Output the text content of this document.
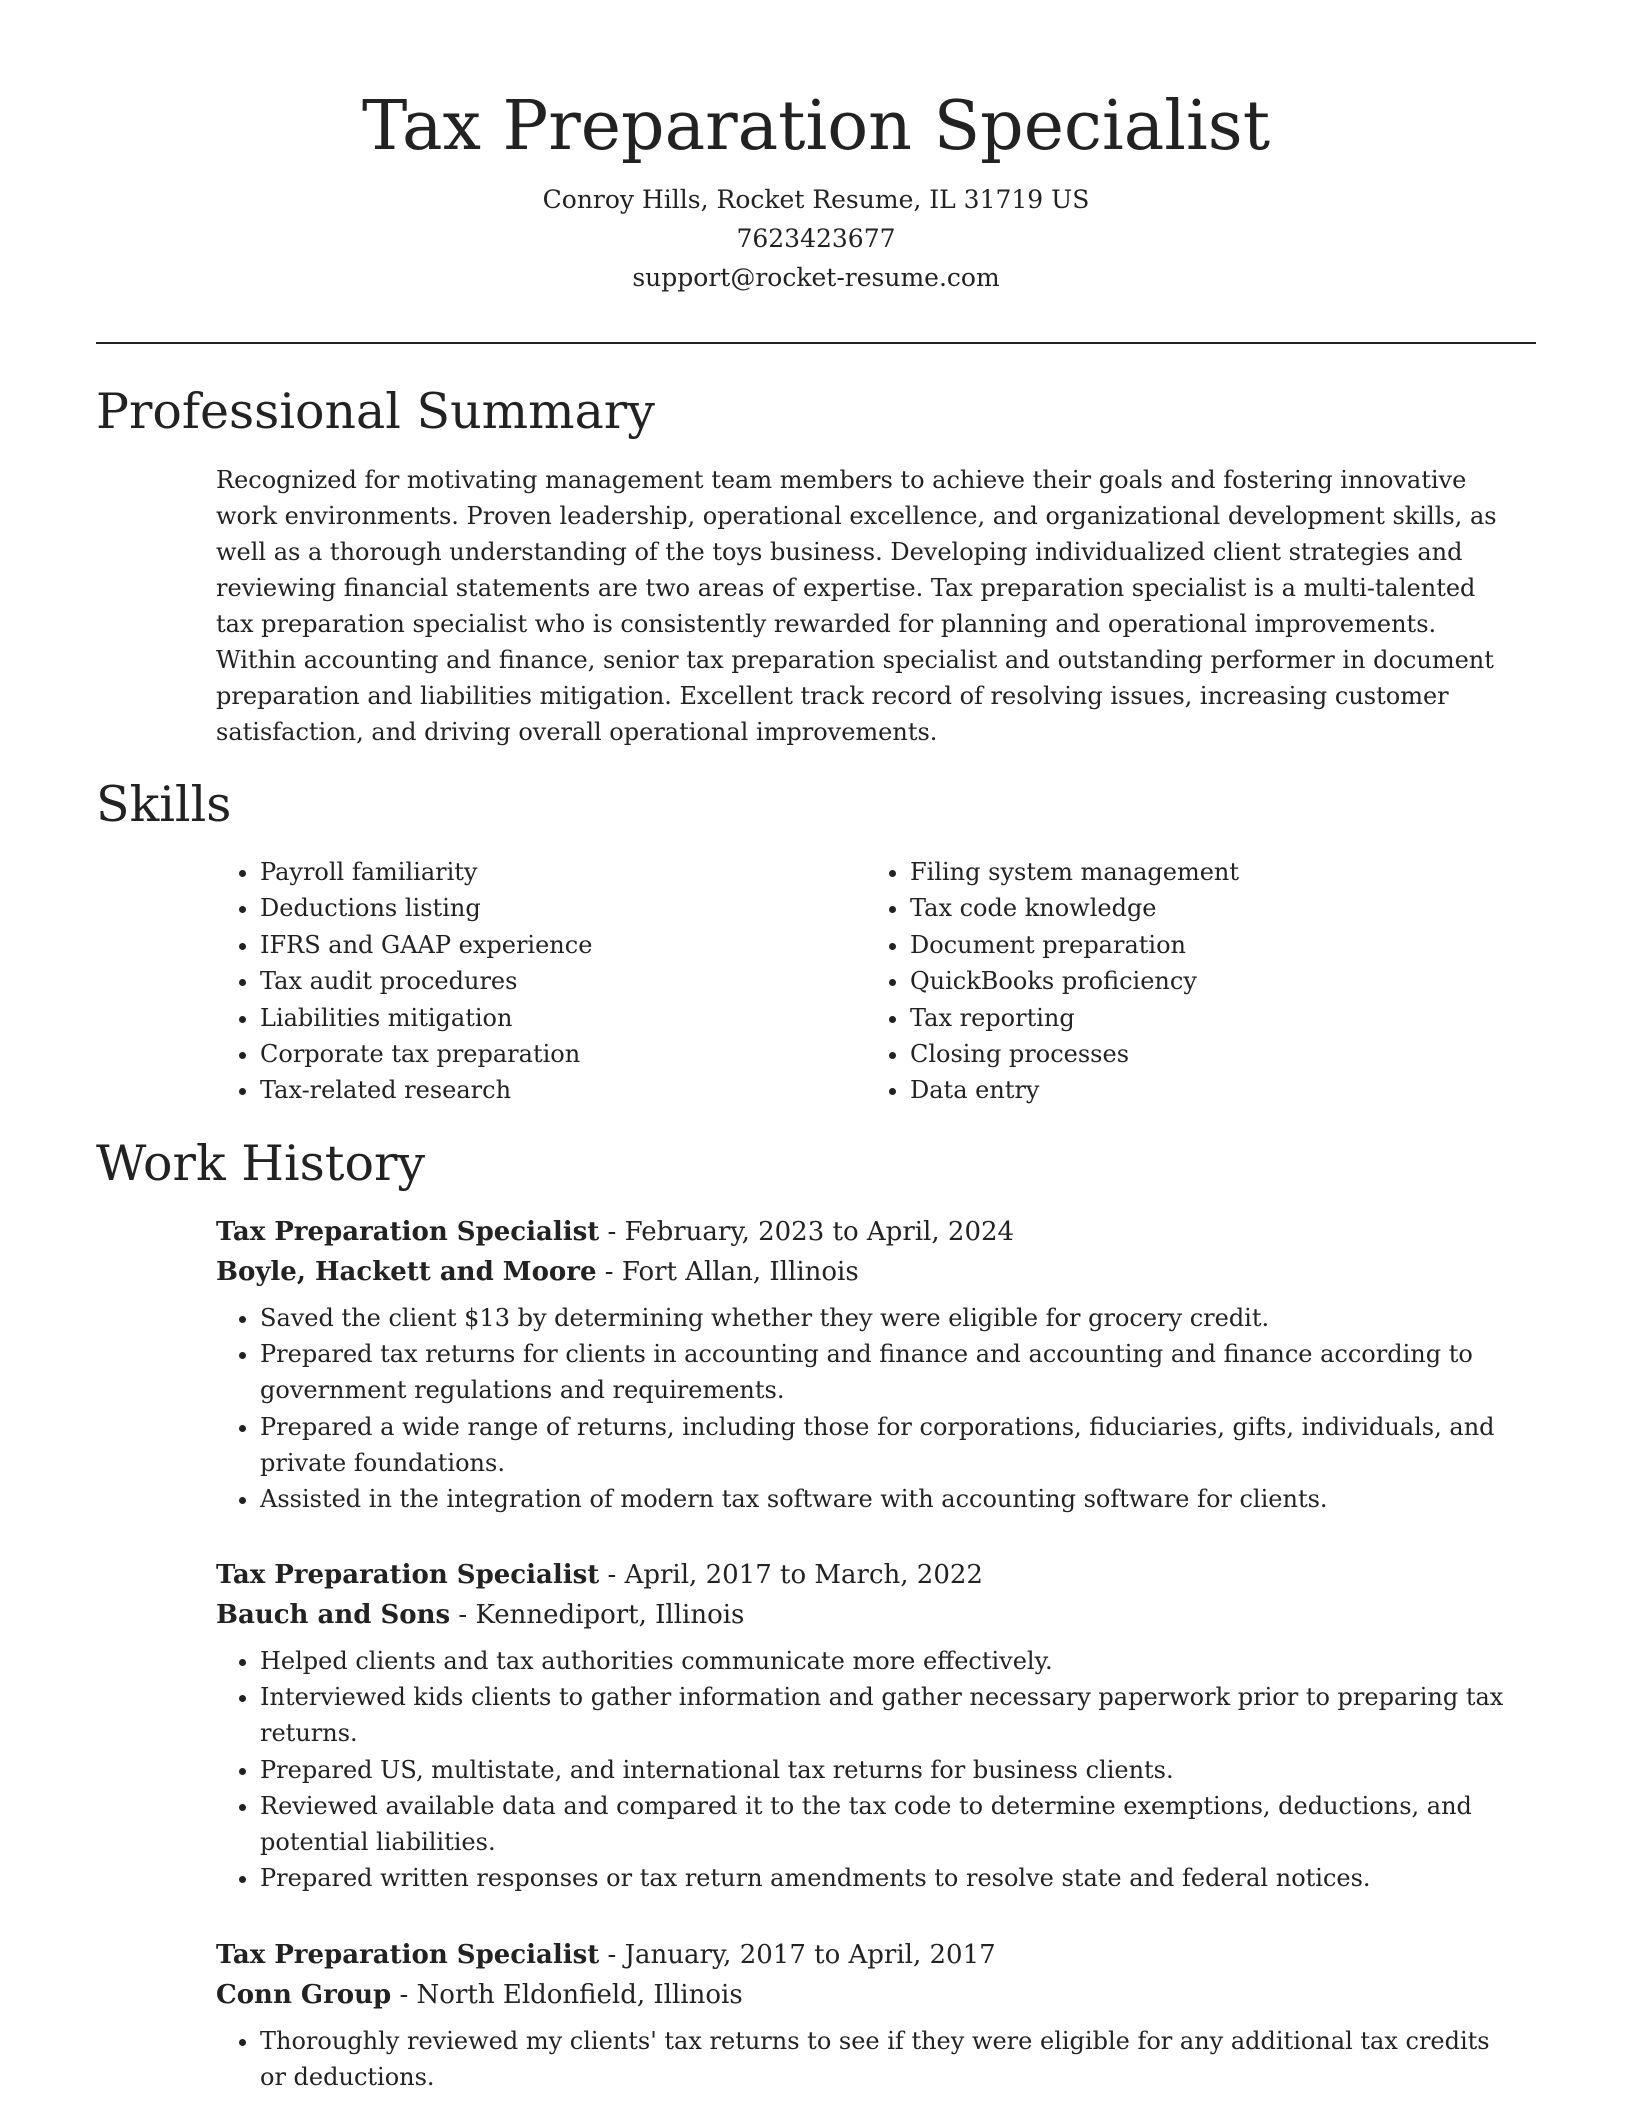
Tax Preparation Specialist
Conroy Hills, Rocket Resume, IL 31719 US
7623423677
support@rocket-resume.com
Professional Summary

Recognized for motivating management team members to achieve their goals and fostering innovative work environments. Proven leadership, operational excellence, and organizational development skills, as well as a thorough understanding of the toys business. Developing individualized client strategies and reviewing financial statements are two areas of expertise. Tax preparation specialist is a multi-talented tax preparation specialist who is consistently rewarded for planning and operational improvements. Within accounting and finance, senior tax preparation specialist and outstanding performer in document preparation and liabilities mitigation. Excellent track record of resolving issues, increasing customer satisfaction, and driving overall operational improvements.

Skills
• Payroll familiarity
• Deductions listing
• IFRS and GAAP experience
• Tax audit procedures
• Liabilities mitigation
• Corporate tax preparation
• Tax-related research
• Filing system management
• Tax code knowledge
• Document preparation
• QuickBooks proficiency
• Tax reporting
• Closing processes
• Data entry
Work History
Tax Preparation Specialist - February, 2023 to April, 2024
Boyle, Hackett and Moore - Fort Allan, Illinois
• Saved the client $13 by determining whether they were eligible for grocery credit.
• Prepared tax returns for clients in accounting and finance and accounting and finance according to government regulations and requirements.
• Prepared a wide range of returns, including those for corporations, fiduciaries, gifts, individuals, and private foundations.
• Assisted in the integration of modern tax software with accounting software for clients.
Tax Preparation Specialist - April, 2017 to March, 2022
Bauch and Sons - Kennediport, Illinois
• Helped clients and tax authorities communicate more effectively.
• Interviewed kids clients to gather information and gather necessary paperwork prior to preparing tax returns.
• Prepared US, multistate, and international tax returns for business clients.
• Reviewed available data and compared it to the tax code to determine exemptions, deductions, and potential liabilities.
• Prepared written responses or tax return amendments to resolve state and federal notices.
Tax Preparation Specialist - January, 2017 to April, 2017
Conn Group - North Eldonfield, Illinois
• Thoroughly reviewed my clients' tax returns to see if they were eligible for any additional tax credits or deductions.
